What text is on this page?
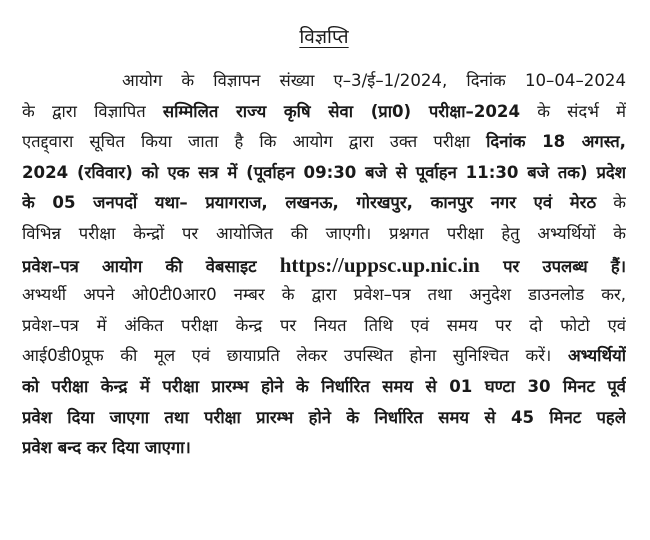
विज्ञप्ति
आयोग के विज्ञापन संख्या ए–3/ई–1/2024, दिनांक 10–04–2024
के द्वारा विज्ञापित सम्मिलित राज्य कृषि सेवा (प्रा0) परीक्षा–2024 के संदर्भ में
एतद्द्वारा सूचित किया जाता है कि आयोग द्वारा उक्त परीक्षा दिनांक 18 अगस्त,
2024 (रविवार) को एक सत्र में (पूर्वाहन 09:30 बजे से पूर्वाहन 11:30 बजे तक) प्रदेश
के 05 जनपदों यथा– प्रयागराज, लखनऊ, गोरखपुर, कानपुर नगर एवं मेरठ के
विभिन्न परीक्षा केन्द्रों पर आयोजित की जाएगी। प्रश्नगत परीक्षा हेतु अभ्यर्थियों के
प्रवेश–पत्र आयोग की वेबसाइट https://uppsc.up.nic.in पर उपलब्ध हैं।
अभ्यर्थी अपने ओ0टी0आर0 नम्बर के द्वारा प्रवेश–पत्र तथा अनुदेश डाउनलोड कर,
प्रवेश–पत्र में अंकित परीक्षा केन्द्र पर नियत तिथि एवं समय पर दो फोटो एवं
आई0डी0प्रूफ की मूल एवं छायाप्रति लेकर उपस्थित होना सुनिश्चित करें। अभ्यर्थियों
को परीक्षा केन्द्र में परीक्षा प्रारम्भ होने के निर्धारित समय से 01 घण्टा 30 मिनट पूर्व
प्रवेश दिया जाएगा तथा परीक्षा प्रारम्भ होने के निर्धारित समय से 45 मिनट पहले
प्रवेश बन्द कर दिया जाएगा।
